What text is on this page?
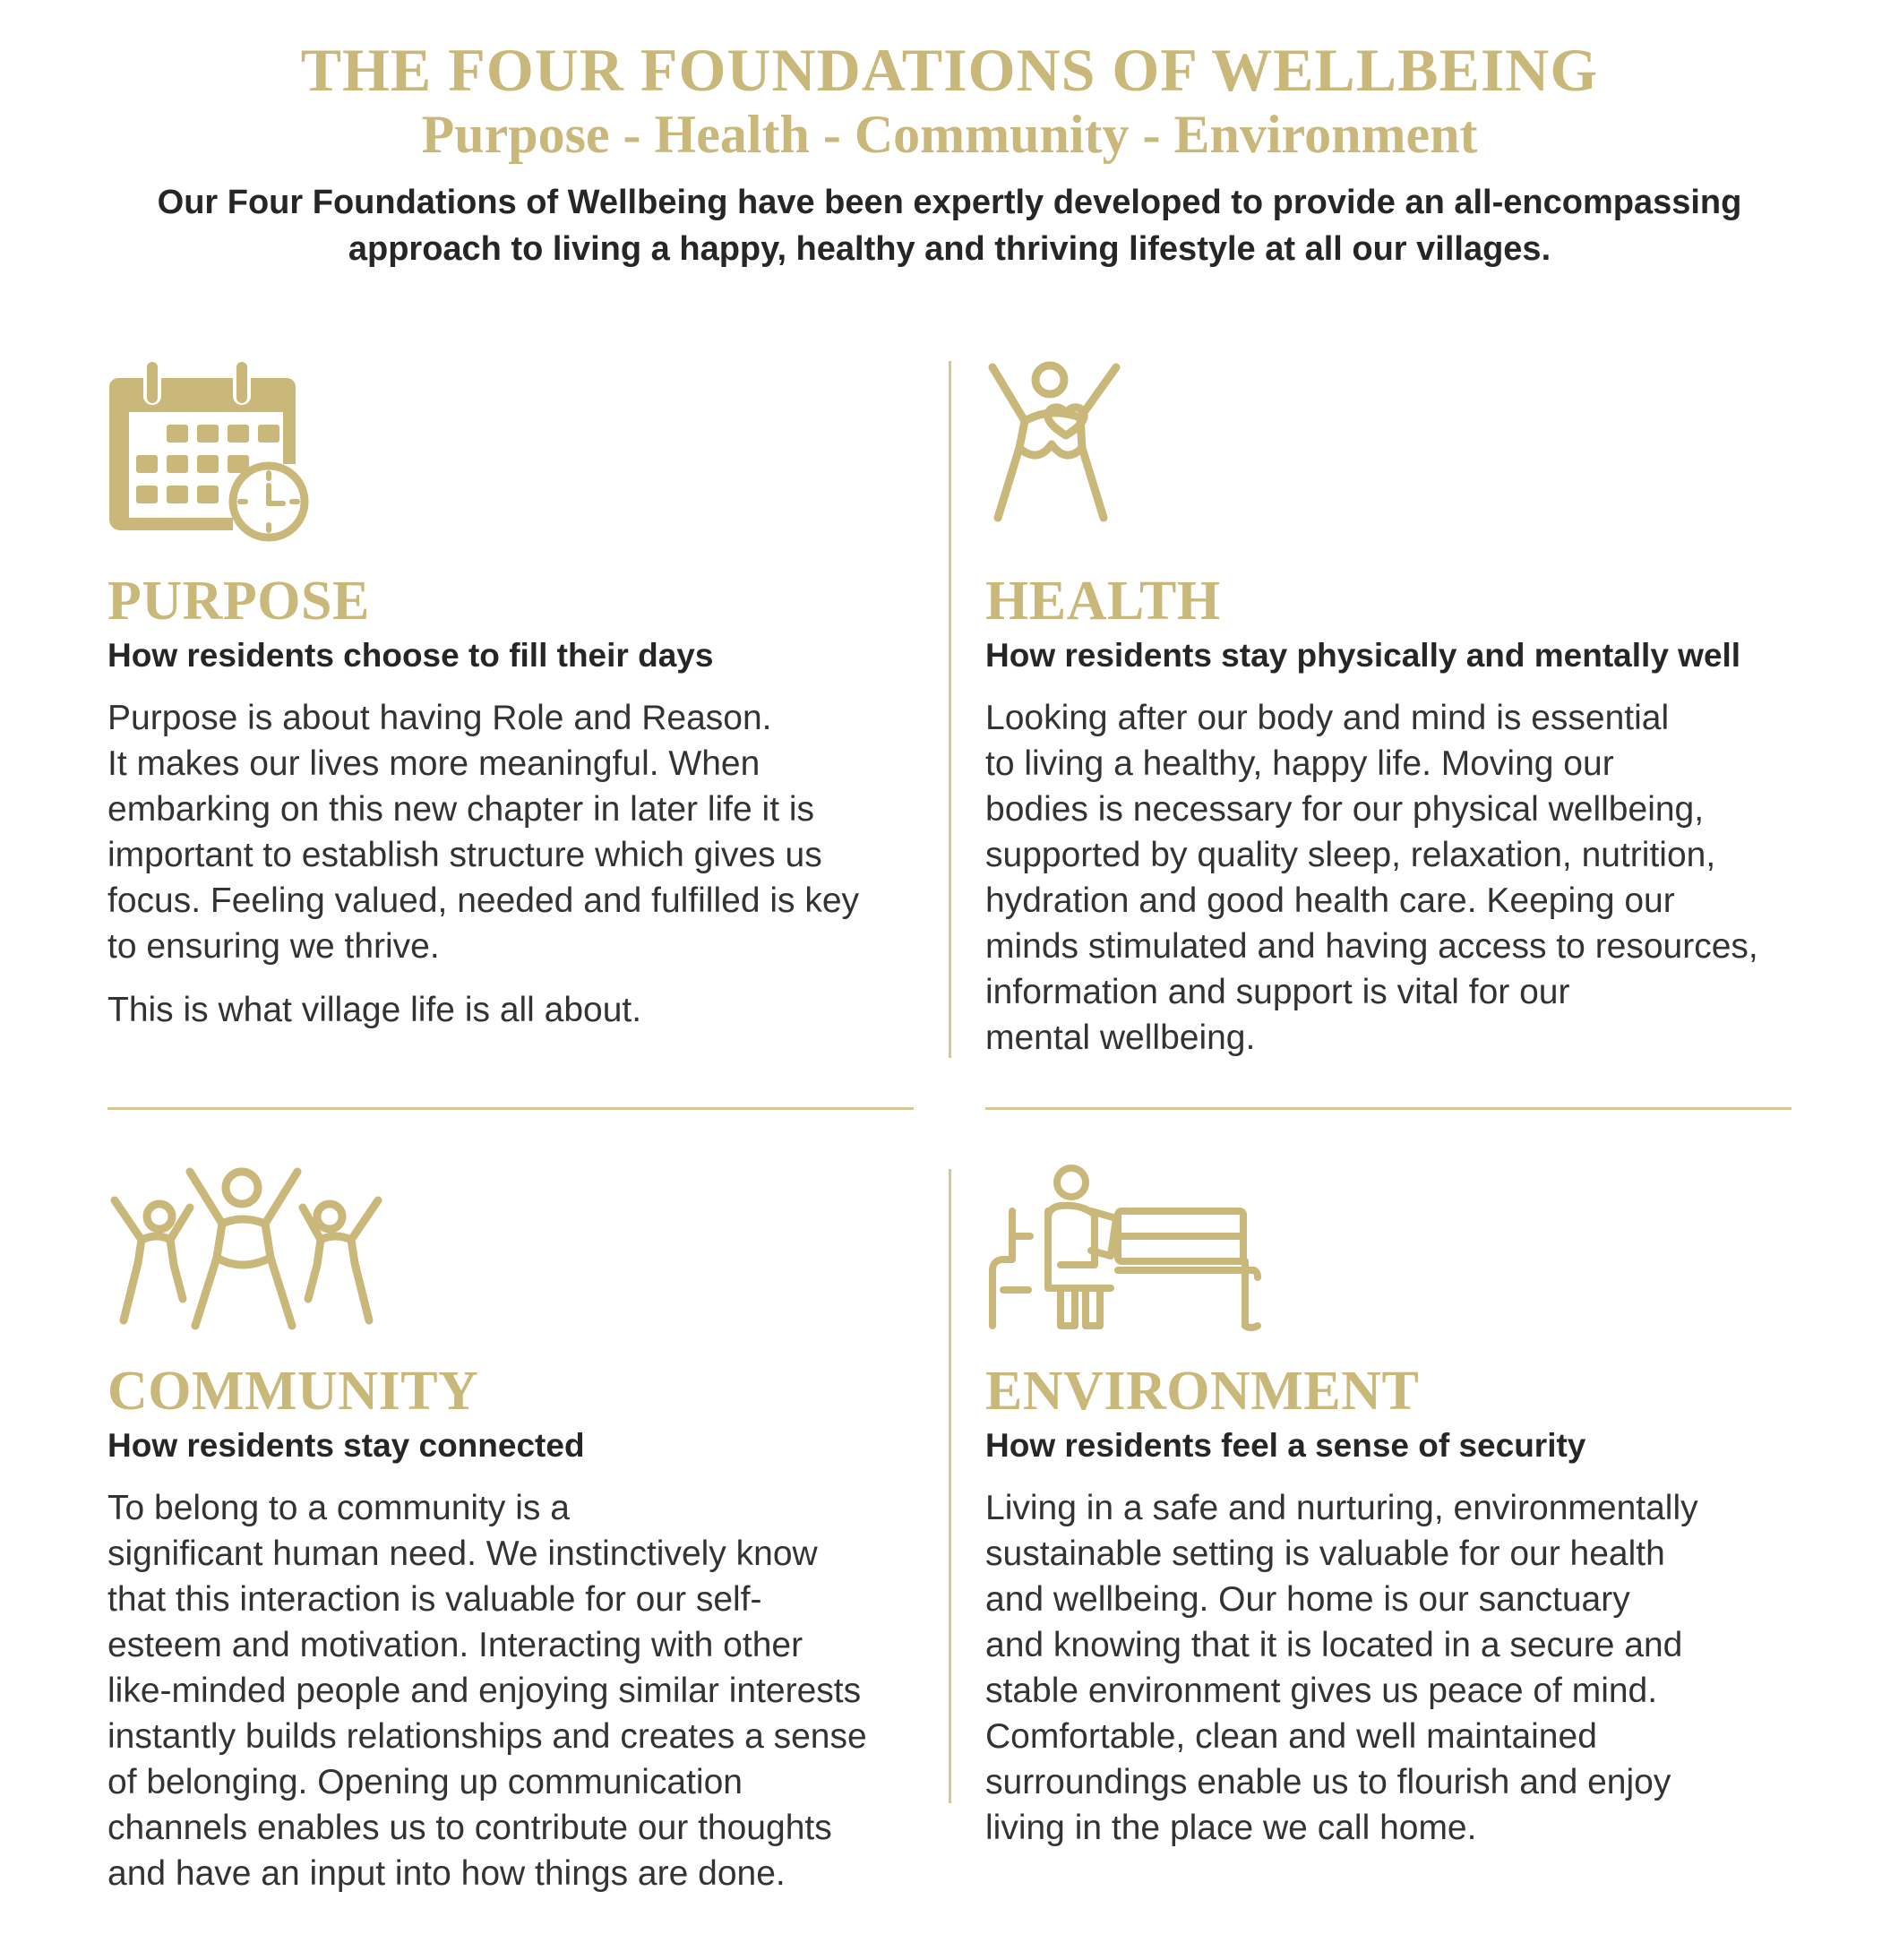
THE FOUR FOUNDATIONS OF WELLBEING
Purpose - Health - Community - Environment
Our Four Foundations of Wellbeing have been expertly developed to provide an all-encompassing
approach to living a happy, healthy and thriving lifestyle at all our villages.
PURPOSE
How residents choose to fill their days

Purpose is about having Role and Reason.
It makes our lives more meaningful. When
embarking on this new chapter in later life it is
important to establish structure which gives us
focus. Feeling valued, needed and fulfilled is key
to ensuring we thrive.

This is what village life is all about.

HEALTH
How residents stay physically and mentally well

Looking after our body and mind is essential
to living a healthy, happy life. Moving our
bodies is necessary for our physical wellbeing,
supported by quality sleep, relaxation, nutrition,
hydration and good health care. Keeping our
minds stimulated and having access to resources,
information and support is vital for our
mental wellbeing.

COMMUNITY
How residents stay connected

To belong to a community is a
significant human need. We instinctively know
that this interaction is valuable for our self-
esteem and motivation. Interacting with other
like-minded people and enjoying similar interests
instantly builds relationships and creates a sense
of belonging. Opening up communication
channels enables us to contribute our thoughts
and have an input into how things are done.

ENVIRONMENT
How residents feel a sense of security

Living in a safe and nurturing, environmentally
sustainable setting is valuable for our health
and wellbeing. Our home is our sanctuary
and knowing that it is located in a secure and
stable environment gives us peace of mind.
Comfortable, clean and well maintained
surroundings enable us to flourish and enjoy
living in the place we call home.
